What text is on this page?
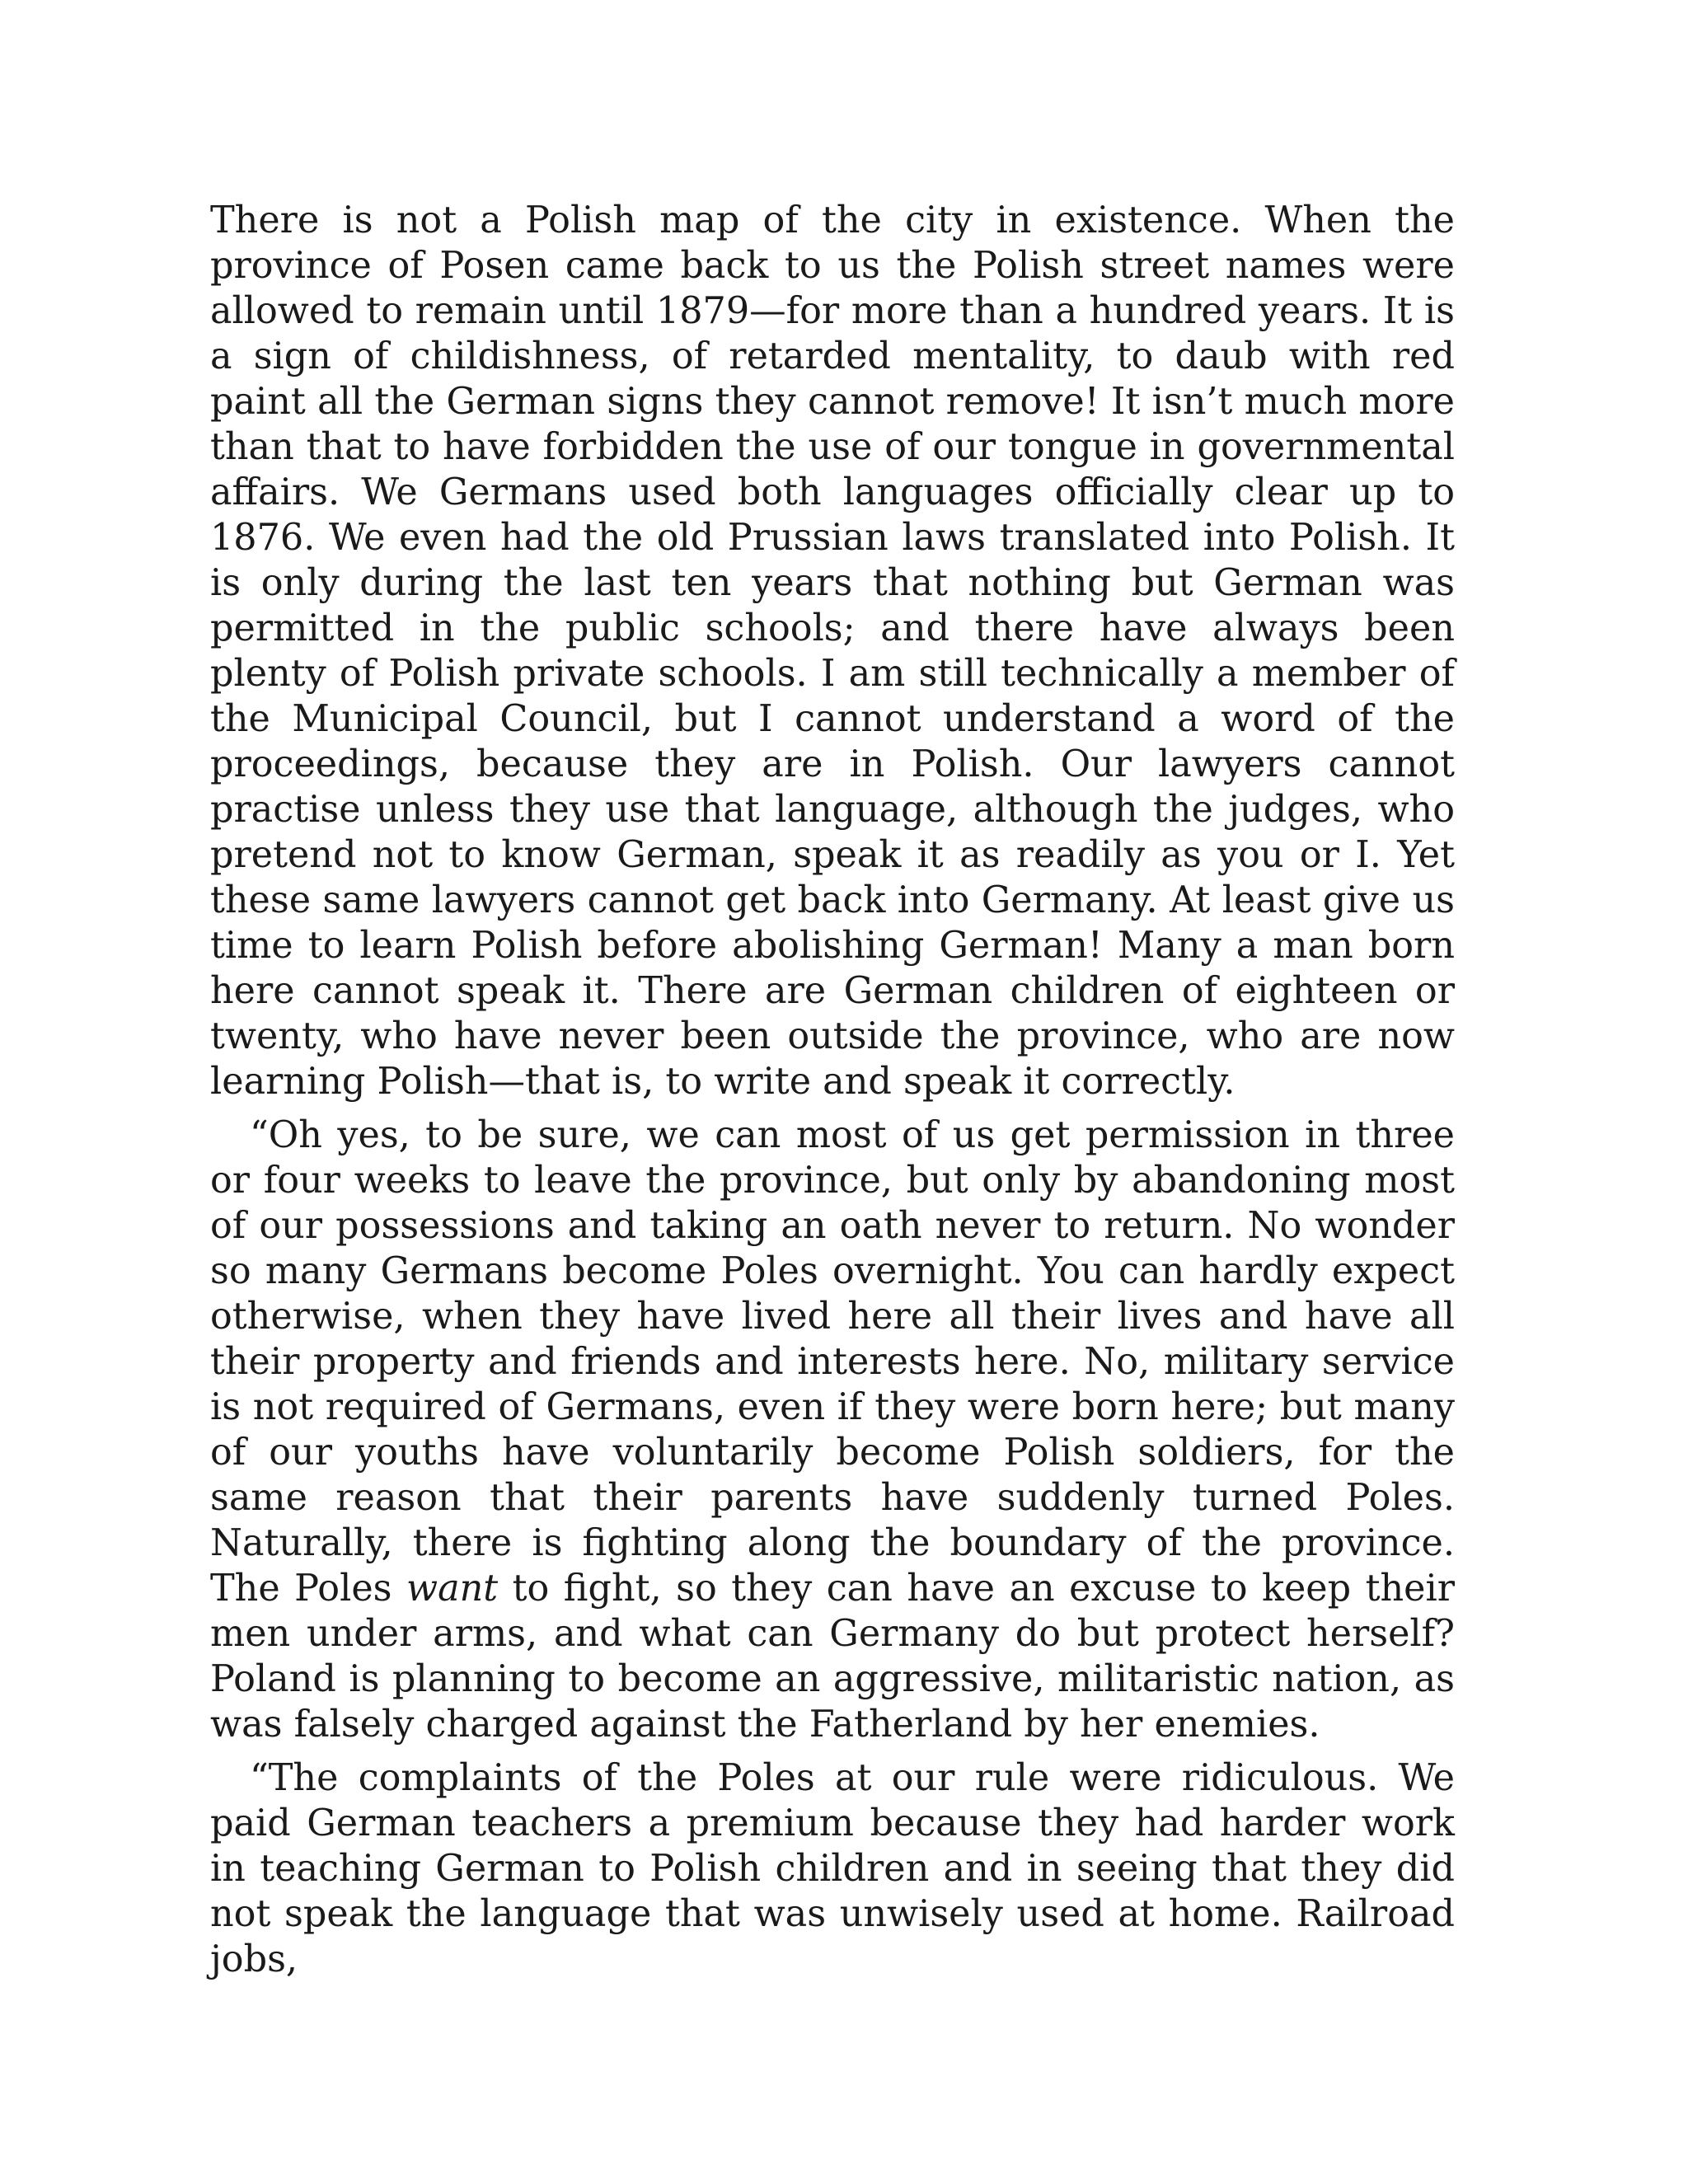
There is not a Polish map of the city in existence. When the province of Posen came back to us the Polish street names were allowed to remain until 1879—for more than a hundred years. It is a sign of childishness, of retarded mentality, to daub with red paint all the German signs they cannot remove! It isn’t much more than that to have forbidden the use of our tongue in governmental affairs. We Germans used both languages officially clear up to 1876. We even had the old Prussian laws translated into Polish. It is only during the last ten years that nothing but German was permitted in the public schools; and there have always been plenty of Polish private schools. I am still technically a member of the Municipal Council, but I cannot understand a word of the proceedings, because they are in Polish. Our lawyers cannot practise unless they use that language, although the judges, who pretend not to know German, speak it as readily as you or I. Yet these same lawyers cannot get back into Germany. At least give us time to learn Polish before abolishing German! Many a man born here cannot speak it. There are German children of eighteen or twenty, who have never been outside the province, who are now learning Polish—that is, to write and speak it correctly.

“Oh yes, to be sure, we can most of us get permission in three or four weeks to leave the province, but only by abandoning most of our possessions and taking an oath never to return. No wonder so many Germans become Poles overnight. You can hardly expect otherwise, when they have lived here all their lives and have all their property and friends and interests here. No, military service is not required of Germans, even if they were born here; but many of our youths have voluntarily become Polish soldiers, for the same reason that their parents have suddenly turned Poles. Naturally, there is fighting along the boundary of the province. The Poles want to fight, so they can have an excuse to keep their men under arms, and what can Germany do but protect herself? Poland is planning to become an aggressive, militaristic nation, as was falsely charged against the Fatherland by her enemies.

“The complaints of the Poles at our rule were ridiculous. We paid German teachers a premium because they had harder work in teaching German to Polish children and in seeing that they did not speak the language that was unwisely used at home. Railroad jobs,
